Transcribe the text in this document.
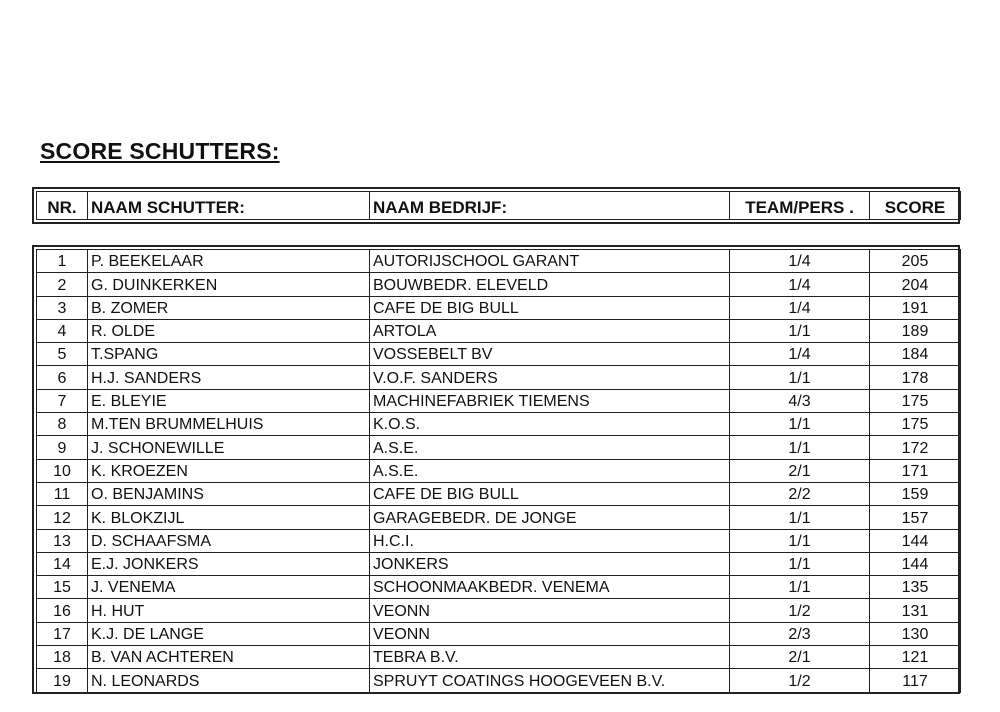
SCORE SCHUTTERS:
NR.	NAAM SCHUTTER:	NAAM BEDRIJF:	TEAM/PERS .	SCORE
1	P. BEEKELAAR	AUTORIJSCHOOL GARANT	1/4	205
2	G. DUINKERKEN	BOUWBEDR. ELEVELD	1/4	204
3	B. ZOMER	CAFE DE BIG BULL	1/4	191
4	R. OLDE	ARTOLA	1/1	189
5	T.SPANG	VOSSEBELT BV	1/4	184
6	H.J. SANDERS	V.O.F. SANDERS	1/1	178
7	E. BLEYIE	MACHINEFABRIEK TIEMENS	4/3	175
8	M.TEN BRUMMELHUIS	K.O.S.	1/1	175
9	J. SCHONEWILLE	A.S.E.	1/1	172
10	K. KROEZEN	A.S.E.	2/1	171
11	O. BENJAMINS	CAFE DE BIG BULL	2/2	159
12	K. BLOKZIJL	GARAGEBEDR. DE JONGE	1/1	157
13	D. SCHAAFSMA	H.C.I.	1/1	144
14	E.J. JONKERS	JONKERS	1/1	144
15	J. VENEMA	SCHOONMAAKBEDR. VENEMA	1/1	135
16	H. HUT	VEONN	1/2	131
17	K.J. DE LANGE	VEONN	2/3	130
18	B. VAN ACHTEREN	TEBRA B.V.	2/1	121
19	N. LEONARDS	SPRUYT COATINGS HOOGEVEEN B.V.	1/2	117
